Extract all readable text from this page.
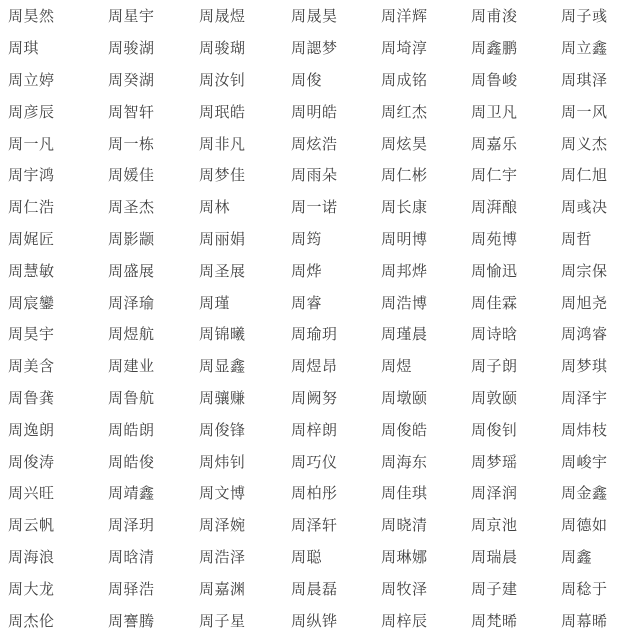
周昊然	周星宇	周晟煜	周晟昊	周洋辉	周甫浚	周子彧
周琪	周骏湖	周骏瑚	周諰梦	周埼淳	周鑫鹏	周立鑫
周立婷	周癸湖	周汝钊	周俊	周成铭	周鲁峻	周琪泽
周彦辰	周智轩	周珉皓	周明皓	周红杰	周卫凡	周一风
周一凡	周一栋	周非凡	周炫浩	周炫昊	周嘉乐	周义杰
周宇鸿	周媛佳	周梦佳	周雨朵	周仁彬	周仁宇	周仁旭
周仁浩	周圣杰	周林	周一诺	周长康	周湃酿	周彧决
周娓匠	周影颛	周丽娟	周筠	周明博	周苑博	周哲
周慧敏	周盛展	周圣展	周烨	周邦烨	周愉迅	周宗保
周宸鑾	周泽瑜	周瑾	周睿	周浩博	周佳霖	周旭尧
周昊宇	周煜航	周锦曦	周瑜玥	周瑾晨	周诗晗	周鸿睿
周美含	周建业	周显鑫	周煜昂	周煜	周子朗	周梦琪
周鲁龚	周鲁航	周骧赚	周阙努	周墩颐	周敦颐	周泽宇
周逸朗	周皓朗	周俊锋	周梓朗	周俊皓	周俊钊	周炜枝
周俊涛	周皓俊	周炜钊	周巧仪	周海东	周梦瑶	周峻宇
周兴旺	周靖鑫	周文博	周柏彤	周佳琪	周泽润	周金鑫
周云帆	周泽玥	周泽婉	周泽轩	周晓清	周京池	周德如
周海浪	周晗清	周浩泽	周聪	周琳娜	周瑞晨	周鑫
周大龙	周驿浩	周嘉渊	周晨磊	周牧泽	周子建	周稔于
周杰伦	周謇腾	周子星	周纵铧	周梓辰	周梵晞	周幕晞
